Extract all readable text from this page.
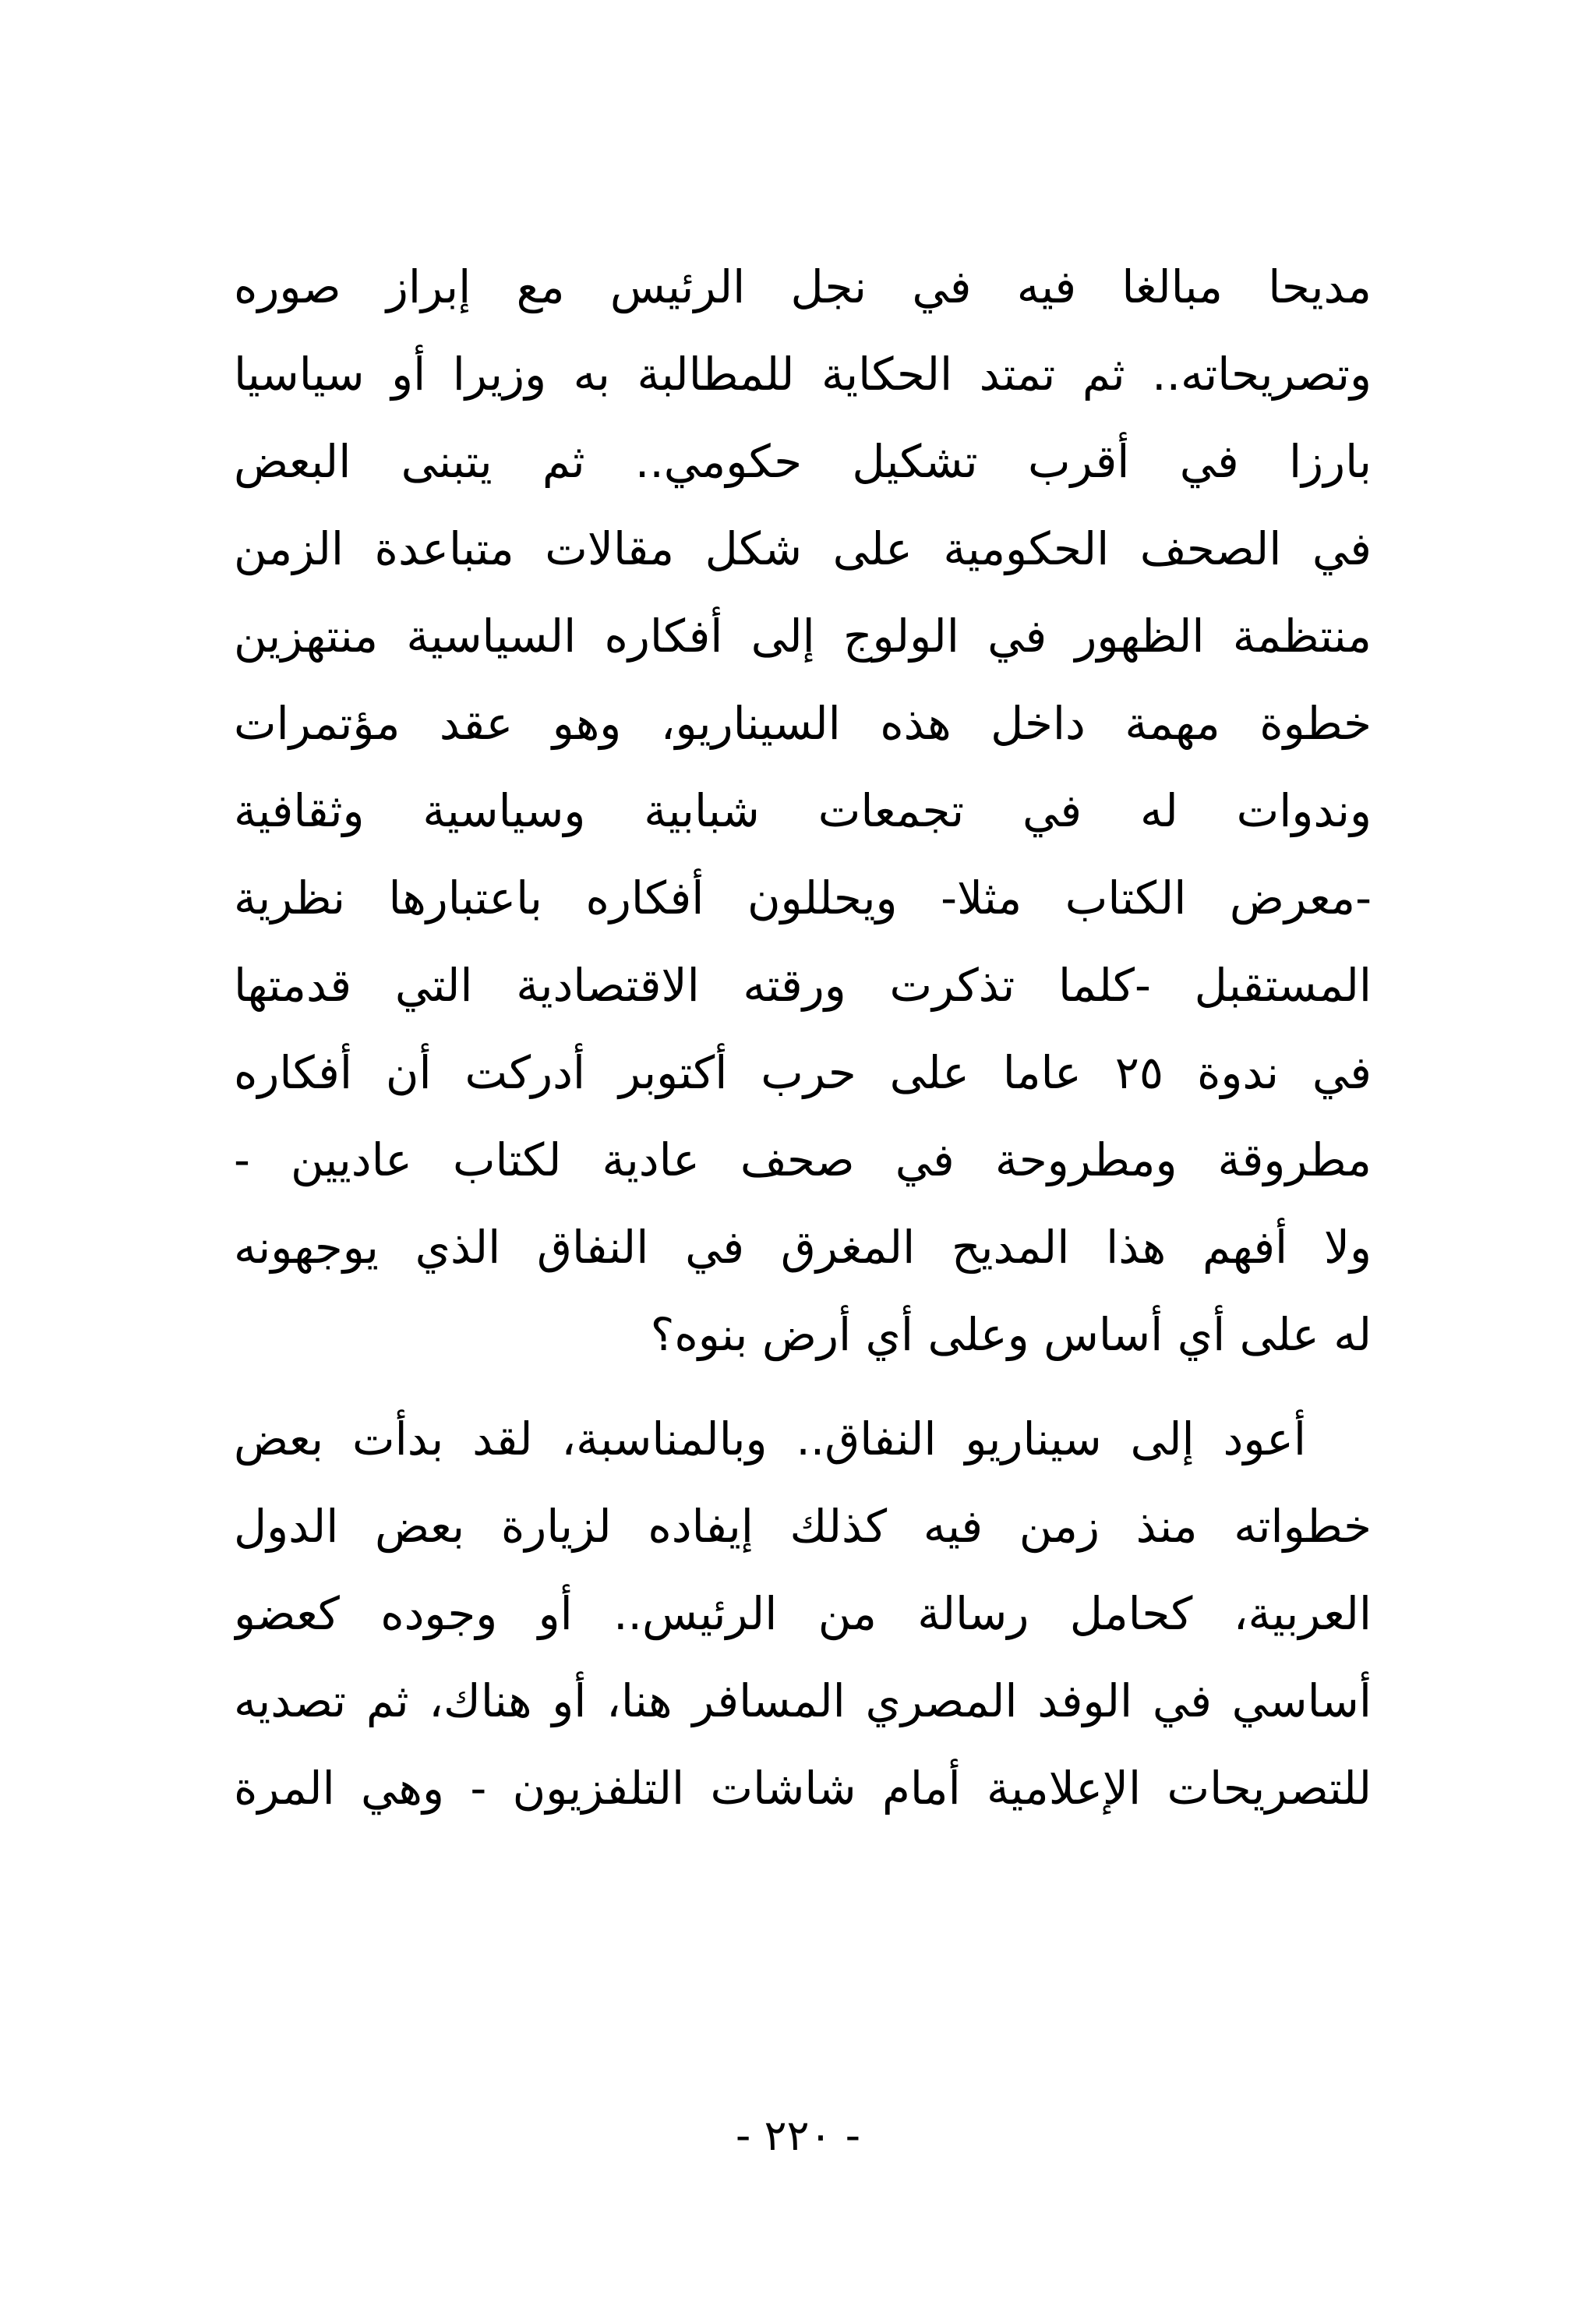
مديحا مبالغا فيه في نجل الرئيس مع إبراز صوره
وتصريحاته.. ثم تمتد الحكاية للمطالبة به وزيرا أو سياسيا
بارزا في أقرب تشكيل حكومي.. ثم يتبنى البعض
في الصحف الحكومية على شكل مقالات متباعدة الزمن
منتظمة الظهور في الولوج إلى أفكاره السياسية منتهزين
خطوة مهمة داخل هذه السيناريو، وهو عقد مؤتمرات
وندوات له في تجمعات شبابية وسياسية وثقافية
-معرض الكتاب مثلا- ويحللون أفكاره باعتبارها نظرية
المستقبل -كلما تذكرت ورقته الاقتصادية التي قدمتها
في ندوة ٢٥ عاما على حرب أكتوبر أدركت أن أفكاره
مطروقة ومطروحة في صحف عادية لكتاب عاديين -
ولا أفهم هذا المديح المغرق في النفاق الذي يوجهونه
له على أي أساس وعلى أي أرض بنوه؟

أعود إلى سيناريو النفاق.. وبالمناسبة، لقد بدأت بعض
خطواته منذ زمن فيه كذلك إيفاده لزيارة بعض الدول
العربية، كحامل رسالة من الرئيس.. أو وجوده كعضو
أساسي في الوفد المصري المسافر هنا، أو هناك، ثم تصديه
للتصريحات الإعلامية أمام شاشات التلفزيون - وهي المرة

- ٢٢٠ -
